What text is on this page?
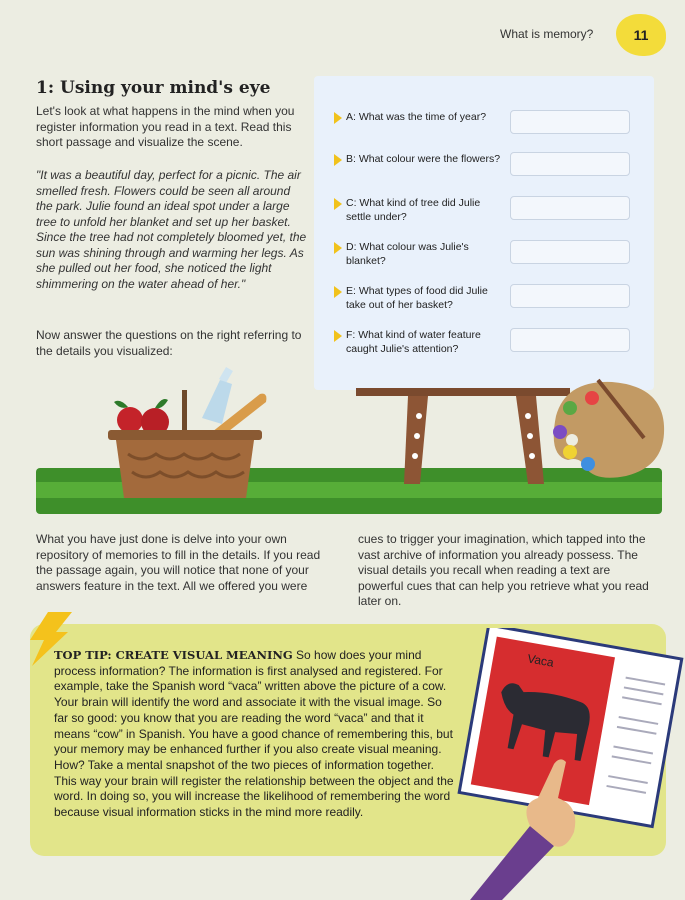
What is memory?	11
1: Using your mind's eye
Let's look at what happens in the mind when you register information you read in a text. Read this short passage and visualize the scene.
"It was a beautiful day, perfect for a picnic. The air smelled fresh. Flowers could be seen all around the park. Julie found an ideal spot under a large tree to unfold her blanket and set up her basket. Since the tree had not completely bloomed yet, the sun was shining through and warming her legs. As she pulled out her food, she noticed the light shimmering on the water ahead of her."
Now answer the questions on the right referring to the details you visualized:
A: What was the time of year?
B: What colour were the flowers?
C: What kind of tree did Julie settle under?
D: What colour was Julie's blanket?
E: What types of food did Julie take out of her basket?
F: What kind of water feature caught Julie's attention?
What you have just done is delve into your own repository of memories to fill in the details. If you read the passage again, you will notice that none of your answers feature in the text. All we offered you were
cues to trigger your imagination, which tapped into the vast archive of information you already possess. The visual details you recall when reading a text are powerful cues that can help you retrieve what you read later on.
TOP TIP: CREATE VISUAL MEANING So how does your mind process information? The information is first analysed and registered. For example, take the Spanish word “vaca” written above the picture of a cow. Your brain will identify the word and associate it with the visual image. So far so good: you know that you are reading the word “vaca” and that it means “cow” in Spanish. You have a good chance of remembering this, but your memory may be enhanced further if you also create visual meaning. How? Take a mental snapshot of the two pieces of information together. This way your brain will register the relationship between the object and the word. In doing so, you will increase the likelihood of remembering the word because visual information sticks in the mind more readily.
Vaca
